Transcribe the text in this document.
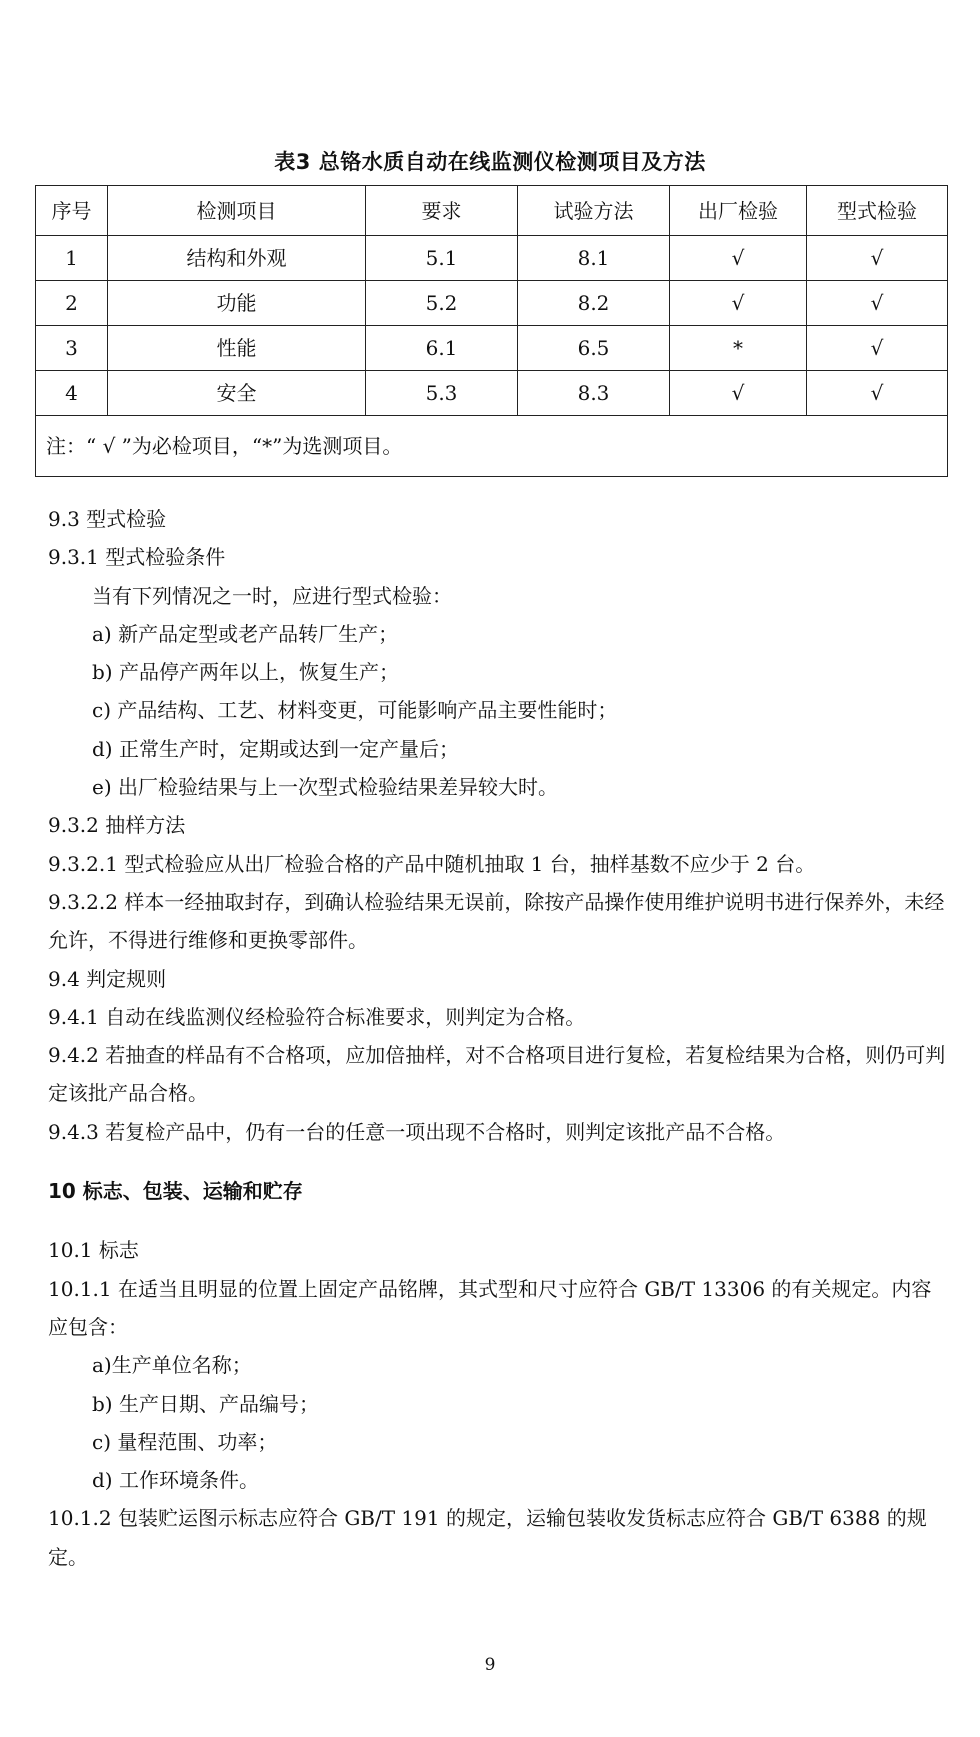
表3 总铬水质自动在线监测仪检测项目及方法
序号	检测项目	要求	试验方法	出厂检验	型式检验
1	结构和外观	5.1	8.1	√	√
2	功能	5.2	8.2	√	√
3	性能	6.1	6.5	*	√
4	安全	5.3	8.3	√	√
注：“ √ ”为必检项目，“*”为选测项目。					

9.3 型式检验

9.3.1 型式检验条件

当有下列情况之一时，应进行型式检验：

a) 新产品定型或老产品转厂生产；

b) 产品停产两年以上，恢复生产；

c) 产品结构、工艺、材料变更，可能影响产品主要性能时；

d) 正常生产时，定期或达到一定产量后；

e) 出厂检验结果与上一次型式检验结果差异较大时。

9.3.2 抽样方法

9.3.2.1 型式检验应从出厂检验合格的产品中随机抽取 1 台，抽样基数不应少于 2 台。

9.3.2.2 样本一经抽取封存，到确认检验结果无误前，除按产品操作使用维护说明书进行保养外，未经允许，不得进行维修和更换零部件。

9.4 判定规则

9.4.1 自动在线监测仪经检验符合标准要求，则判定为合格。

9.4.2 若抽查的样品有不合格项，应加倍抽样，对不合格项目进行复检，若复检结果为合格，则仍可判定该批产品合格。

9.4.3 若复检产品中，仍有一台的任意一项出现不合格时，则判定该批产品不合格。

10 标志、包装、运输和贮存

10.1 标志

10.1.1 在适当且明显的位置上固定产品铭牌，其式型和尺寸应符合 GB/T 13306 的有关规定。内容应包含：

a)生产单位名称；

b) 生产日期、产品编号；

c) 量程范围、功率；

d) 工作环境条件。

10.1.2 包装贮运图示标志应符合 GB/T 191 的规定，运输包装收发货标志应符合 GB/T 6388 的规定。

9
